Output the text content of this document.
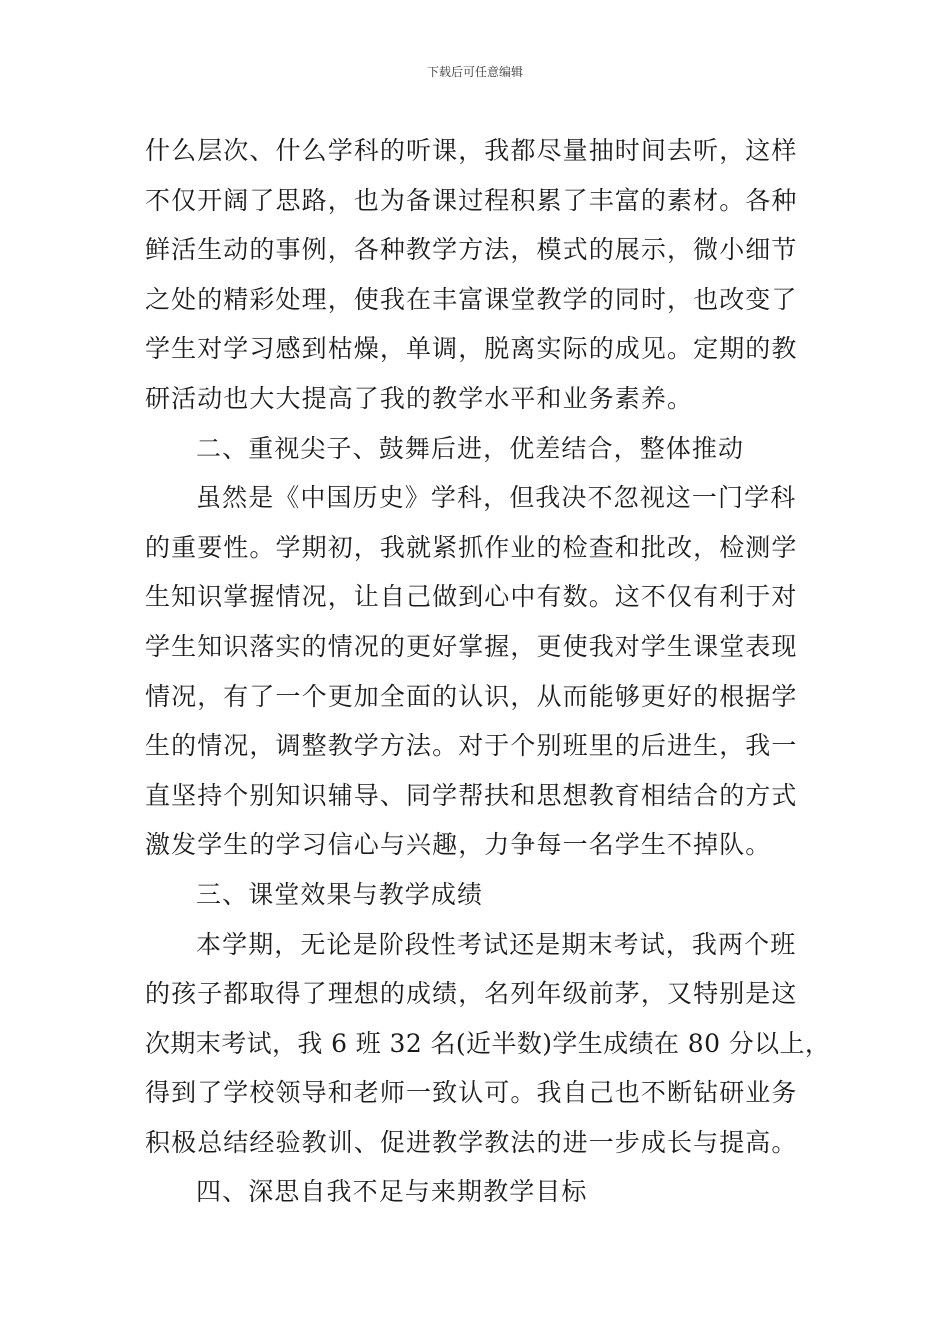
下载后可任意编辑
什么层次、什么学科的听课，我都尽量抽时间去听，这样
不仅开阔了思路，也为备课过程积累了丰富的素材。各种
鲜活生动的事例，各种教学方法，模式的展示，微小细节
之处的精彩处理，使我在丰富课堂教学的同时，也改变了
学生对学习感到枯燥，单调，脱离实际的成见。定期的教
研活动也大大提高了我的教学水平和业务素养。
二、重视尖子、鼓舞后进，优差结合，整体推动
虽然是《中国历史》学科，但我决不忽视这一门学科
的重要性。学期初，我就紧抓作业的检查和批改，检测学
生知识掌握情况，让自己做到心中有数。这不仅有利于对
学生知识落实的情况的更好掌握，更使我对学生课堂表现
情况，有了一个更加全面的认识，从而能够更好的根据学
生的情况，调整教学方法。对于个别班里的后进生，我一
直坚持个别知识辅导、同学帮扶和思想教育相结合的方式
激发学生的学习信心与兴趣，力争每一名学生不掉队。
三、课堂效果与教学成绩
本学期，无论是阶段性考试还是期末考试，我两个班
的孩子都取得了理想的成绩，名列年级前茅，又特别是这
次期末考试，我 6 班 32 名(近半数)学生成绩在 80 分以上，
得到了学校领导和老师一致认可。我自己也不断钻研业务
积极总结经验教训、促进教学教法的进一步成长与提高。
四、深思自我不足与来期教学目标
